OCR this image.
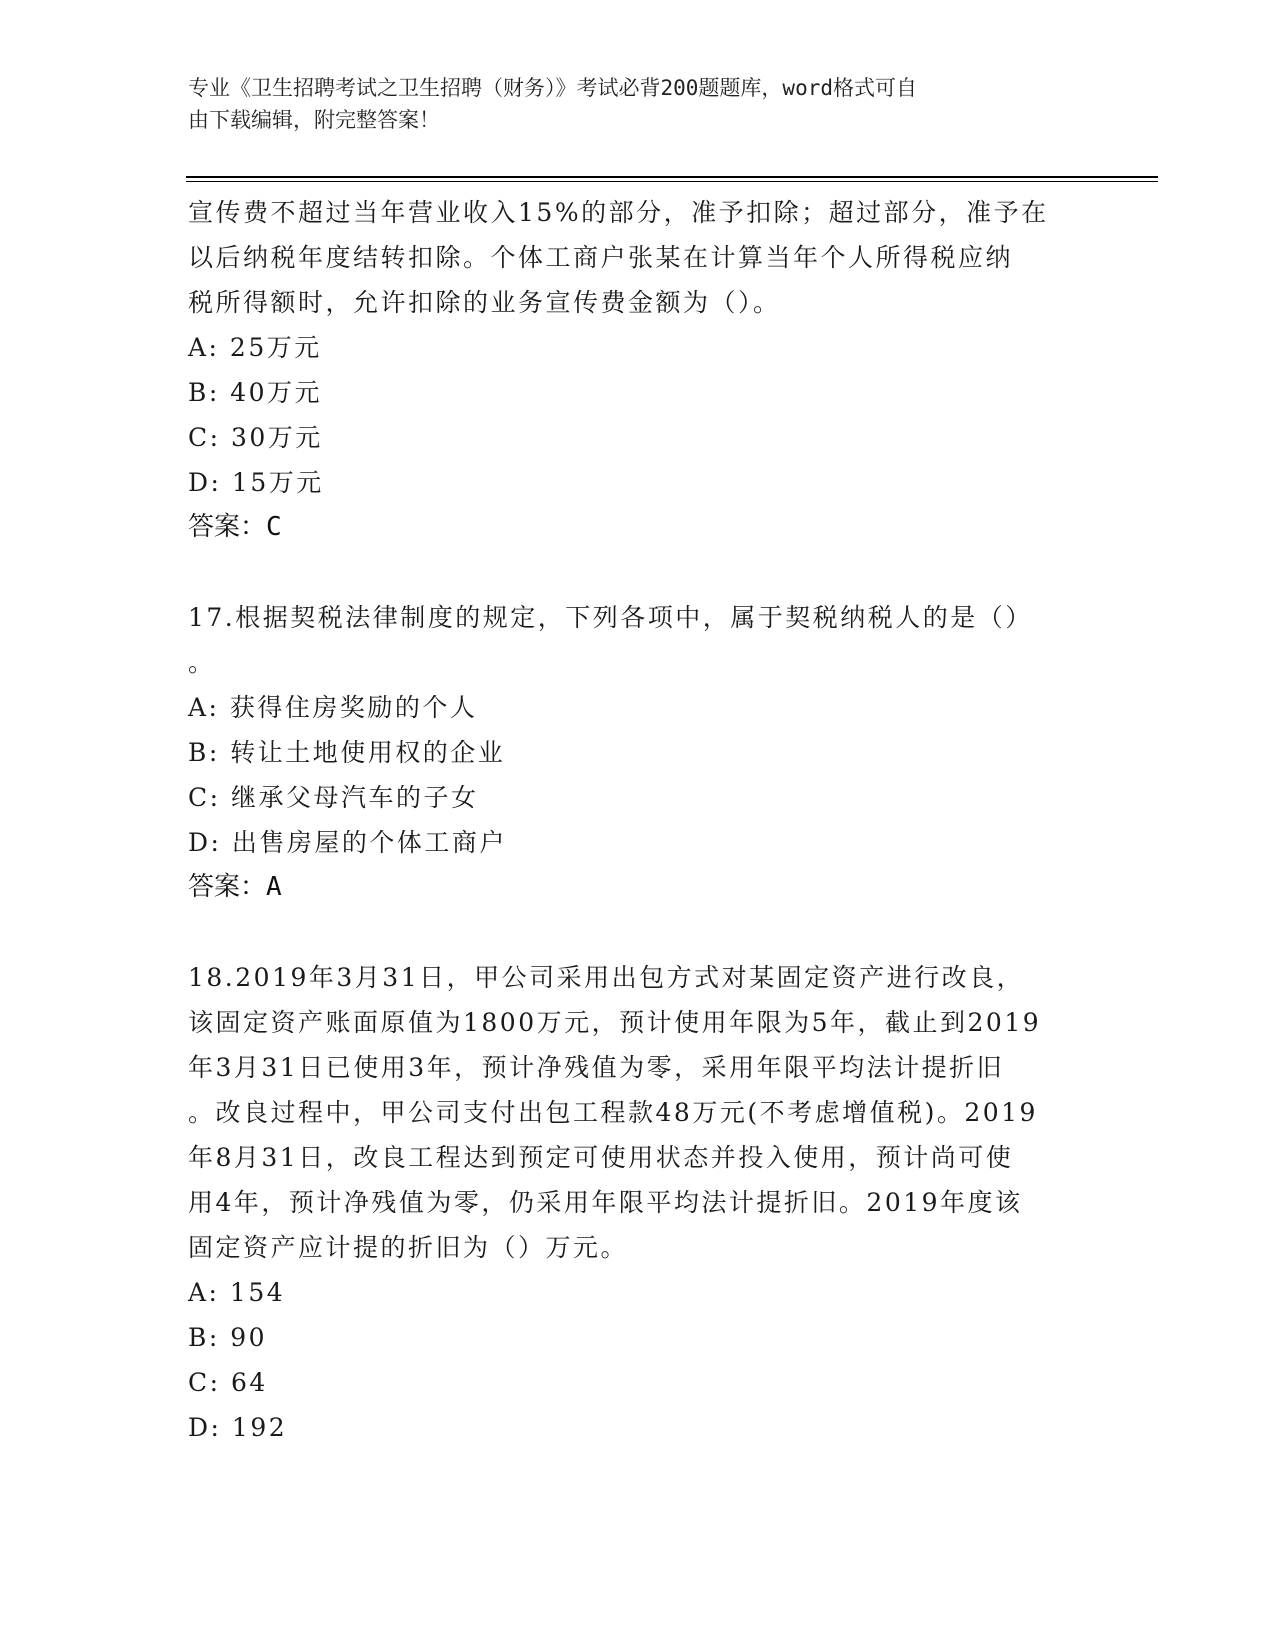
专业《卫生招聘考试之卫生招聘（财务）》考试必背200题题库，word格式可自
由下载编辑，附完整答案！

宣传费不超过当年营业收入15%的部分，准予扣除；超过部分，准予在

以后纳税年度结转扣除。个体工商户张某在计算当年个人所得税应纳

税所得额时，允许扣除的业务宣传费金额为（）。

A: 25万元

B: 40万元

C: 30万元

D: 15万元

答案：C

17.根据契税法律制度的规定，下列各项中，属于契税纳税人的是（）

。

A: 获得住房奖励的个人

B: 转让土地使用权的企业

C: 继承父母汽车的子女

D: 出售房屋的个体工商户

答案：A

18.2019年3月31日，甲公司采用出包方式对某固定资产进行改良，

该固定资产账面原值为1800万元，预计使用年限为5年，截止到2019

年3月31日已使用3年，预计净残值为零，采用年限平均法计提折旧

。改良过程中，甲公司支付出包工程款48万元(不考虑增值税)。2019

年8月31日，改良工程达到预定可使用状态并投入使用，预计尚可使

用4年，预计净残值为零，仍采用年限平均法计提折旧。2019年度该

固定资产应计提的折旧为（）万元。

A: 154

B: 90

C: 64

D: 192
